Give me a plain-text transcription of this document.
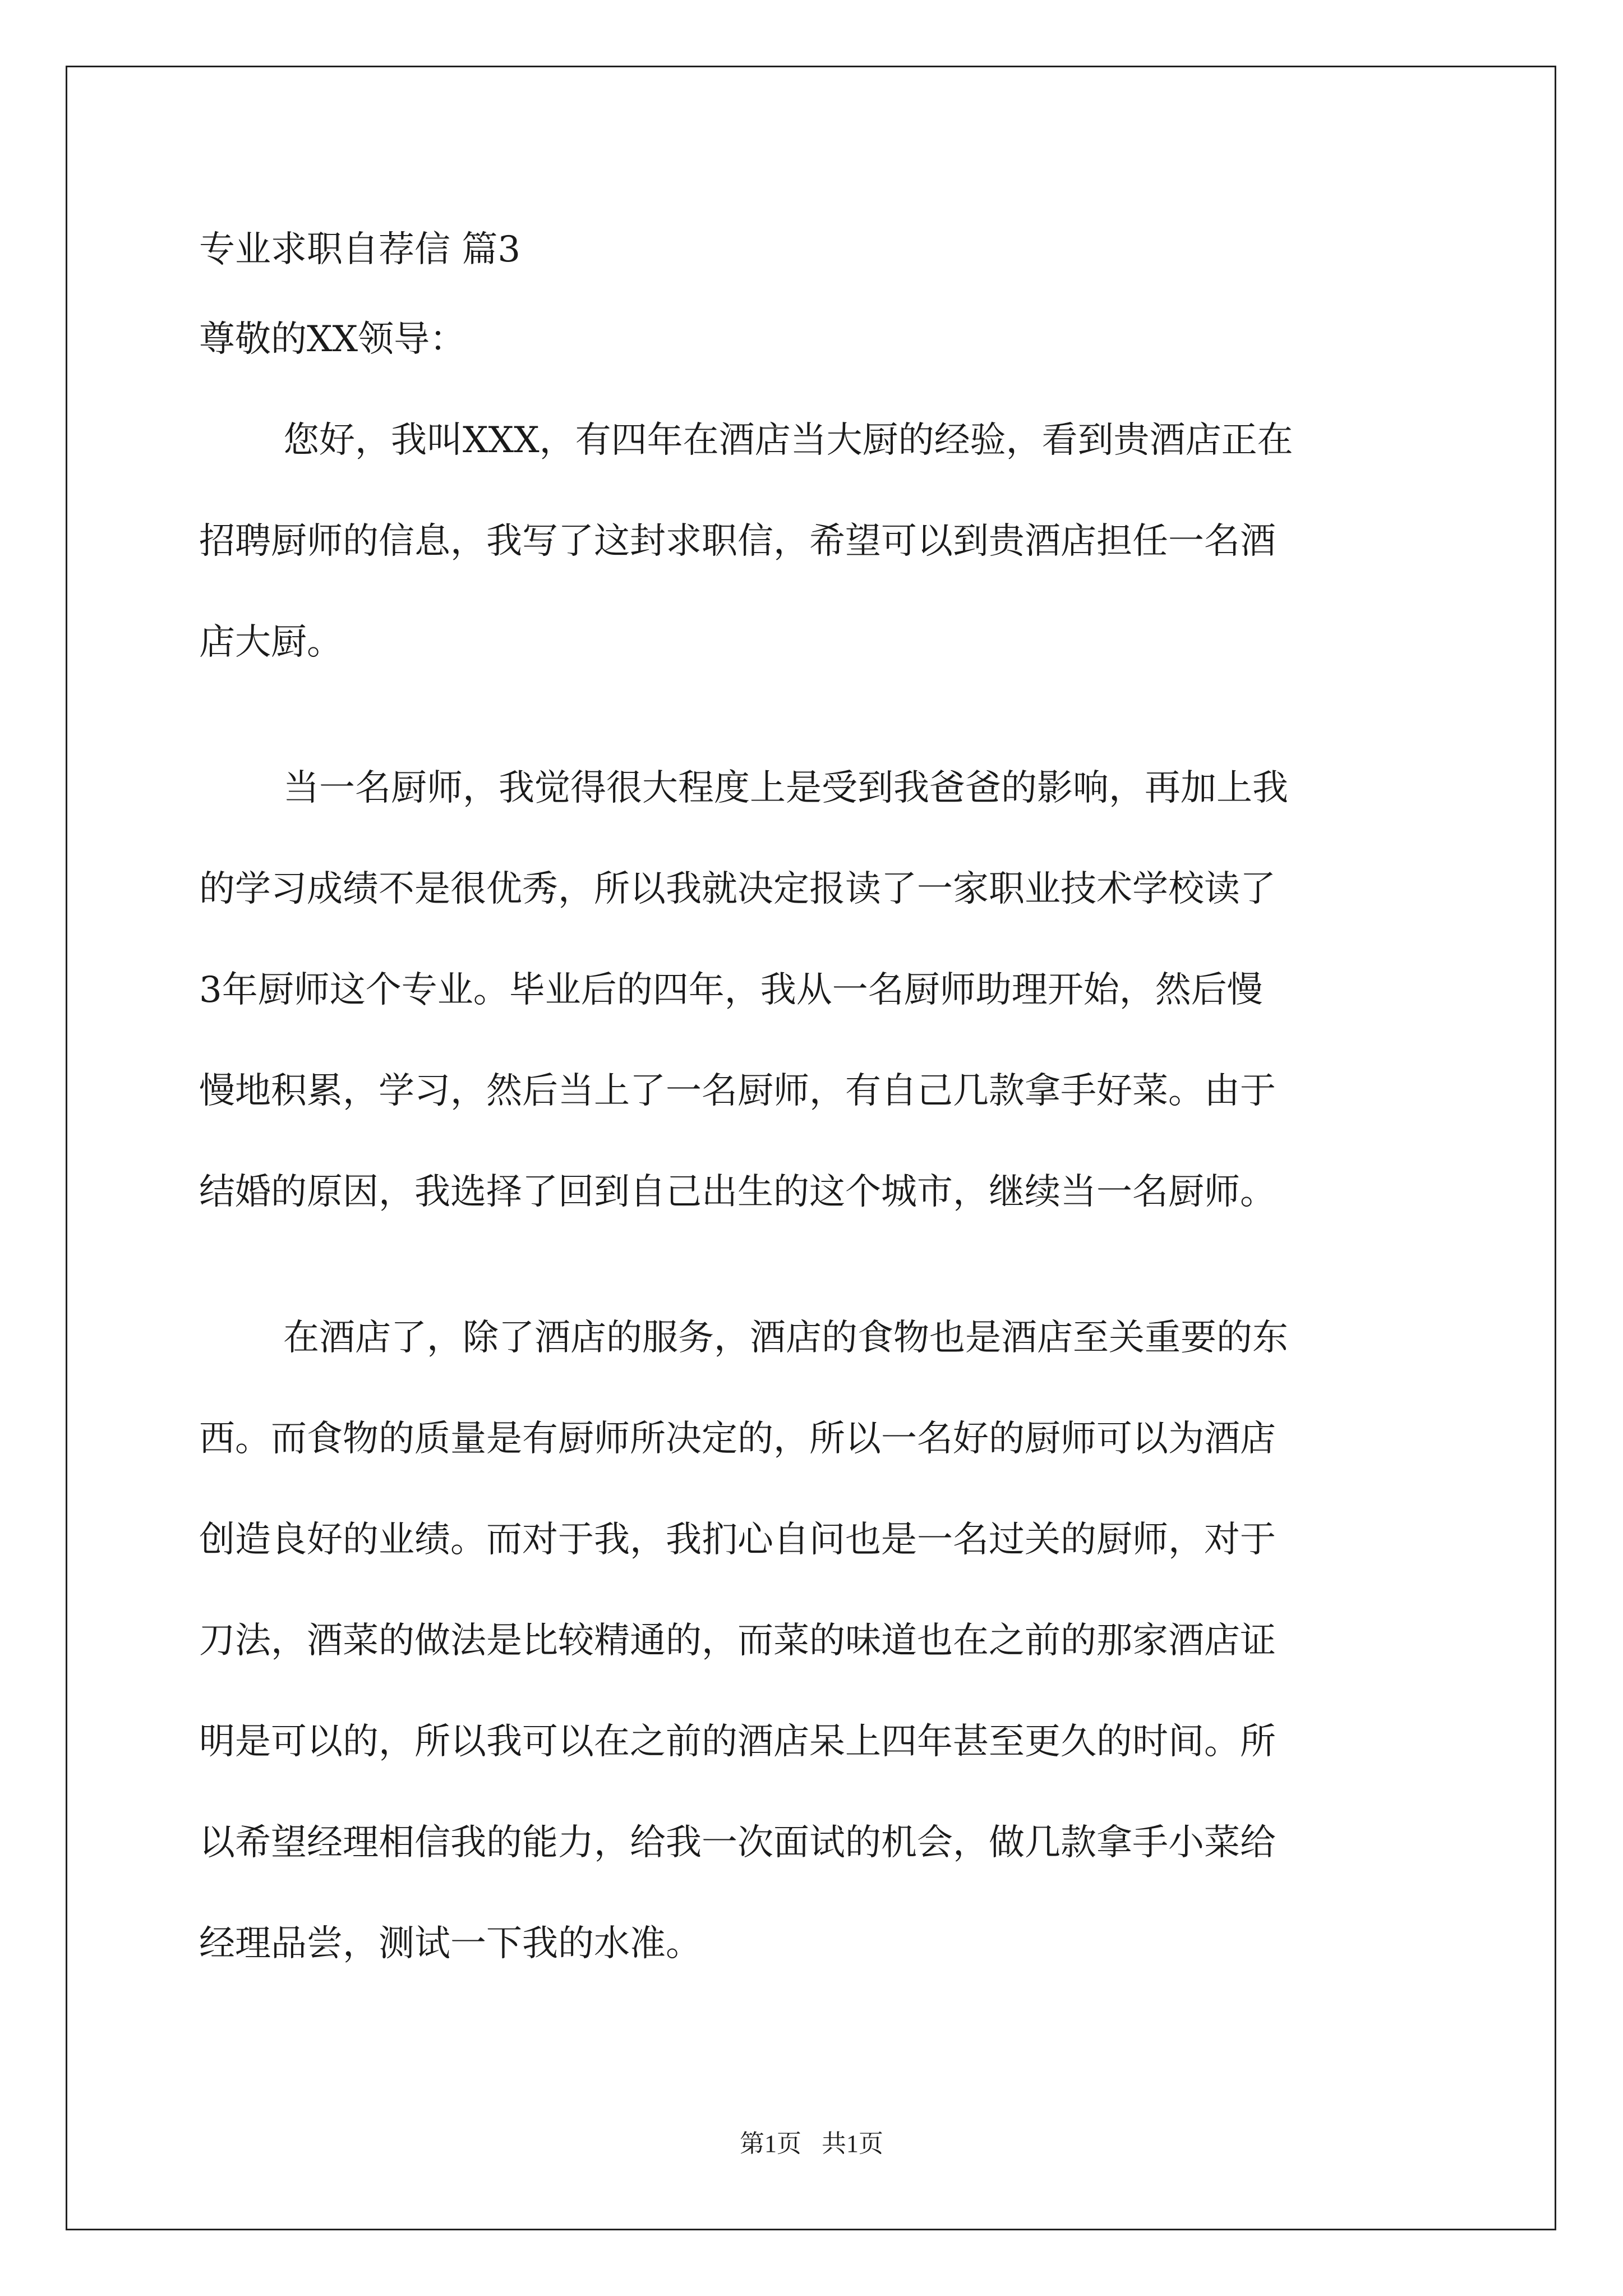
专业求职自荐信 篇3
尊敬的XX领导：
您好，我叫XXX，有四年在酒店当大厨的经验，看到贵酒店正在
招聘厨师的信息，我写了这封求职信，希望可以到贵酒店担任一名酒
店大厨。
当一名厨师，我觉得很大程度上是受到我爸爸的影响，再加上我
的学习成绩不是很优秀，所以我就决定报读了一家职业技术学校读了
3年厨师这个专业。毕业后的四年，我从一名厨师助理开始，然后慢
慢地积累，学习，然后当上了一名厨师，有自己几款拿手好菜。由于
结婚的原因，我选择了回到自己出生的这个城市，继续当一名厨师。
在酒店了，除了酒店的服务，酒店的食物也是酒店至关重要的东
西。而食物的质量是有厨师所决定的，所以一名好的厨师可以为酒店
创造良好的业绩。而对于我，我扪心自问也是一名过关的厨师，对于
刀法，酒菜的做法是比较精通的，而菜的味道也在之前的那家酒店证
明是可以的，所以我可以在之前的酒店呆上四年甚至更久的时间。所
以希望经理相信我的能力，给我一次面试的机会，做几款拿手小菜给
经理品尝，测试一下我的水准。
第1页 共1页
